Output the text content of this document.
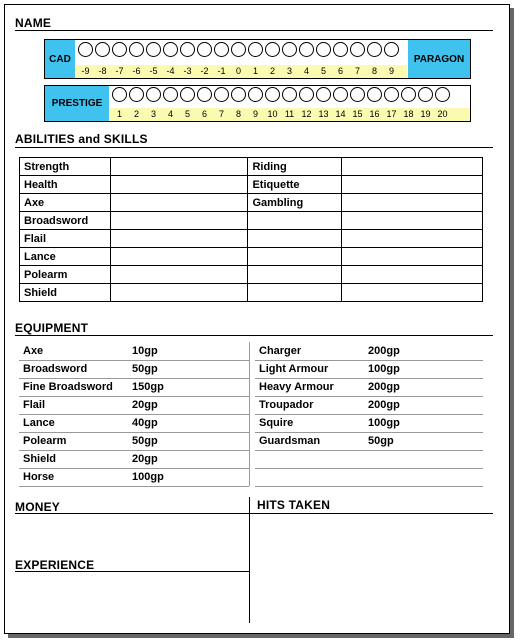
NAME
CAD	PARAGON
-9 -8 -7 -6 -5 -4 -3 -2 -1	0	1	2	3	4	5	6	7	8	9
PRESTIGE
1	2	3	4	5	6	7	8	9	10 11 12 13 14 15 16 17 18 19 20
ABILITIES and SKILLS
Strength		Riding	
Health		Etiquette	
Axe		Gambling	
Broadsword			
Flail			
Lance			
Polearm			
Shield			
EQUIPMENT
Axe	10gp
Broadsword	50gp
Fine Broadsword 150gp
Flail	20gp
Lance	40gp
Polearm	50gp
Shield	20gp
Horse	100gp
Charger	200gp
Light Armour	100gp
Heavy Armour	200gp
Troupador	200gp
Squire	100gp
Guardsman	50gp
MONEY	HITS TAKEN
EXPERIENCE
